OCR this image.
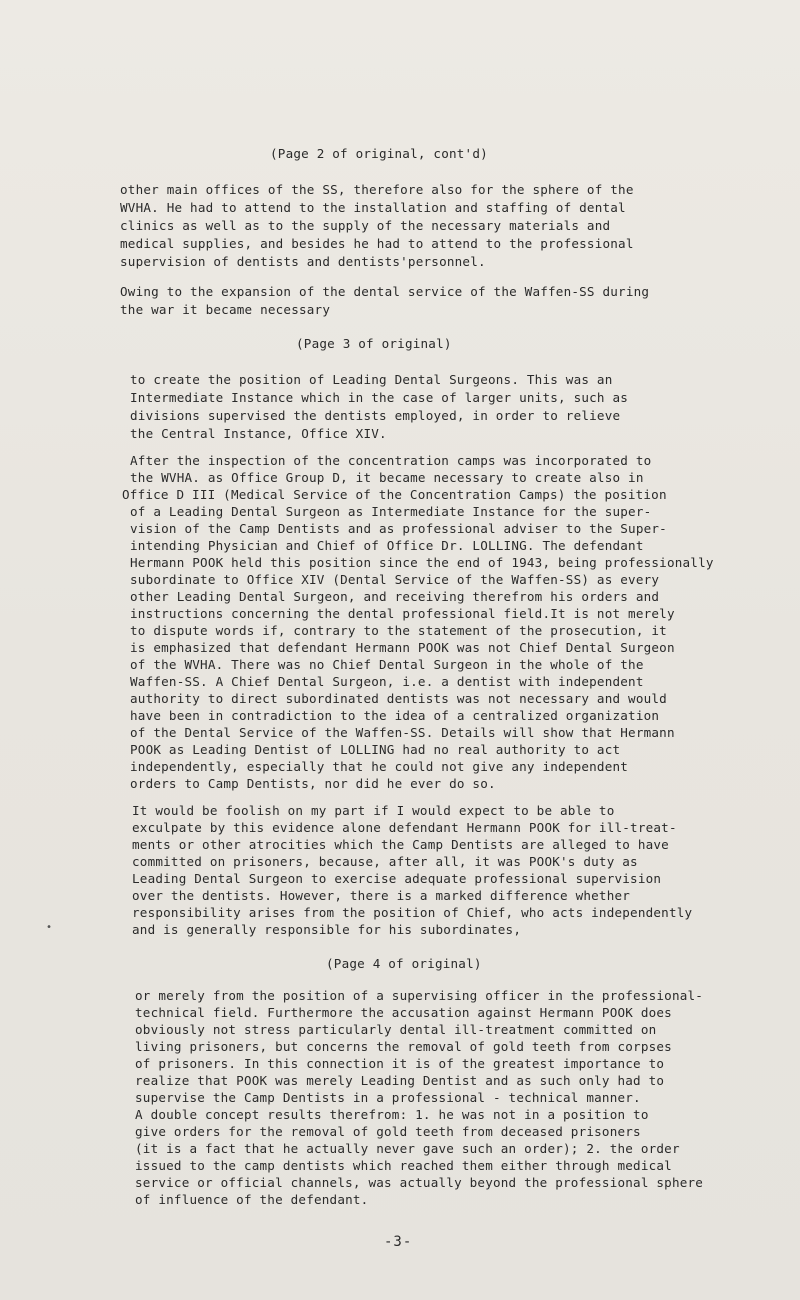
(Page 2 of original, cont'd)
other main offices of the SS, therefore also for the sphere of the
WVHA. He had to attend to the installation and staffing of dental
clinics as well as to the supply of the necessary materials and
medical supplies, and besides he had to attend to the professional
supervision of dentists and dentists'personnel.
Owing to the expansion of the dental service of the Waffen-SS during
the war it became necessary
(Page 3 of original)
to create the position of Leading Dental Surgeons. This was an
Intermediate Instance which in the case of larger units, such as
divisions supervised the dentists employed, in order to relieve
the Central Instance, Office XIV.
After the inspection of the concentration camps was incorporated to
the WVHA. as Office Group D, it became necessary to create also in
Office D III (Medical Service of the Concentration Camps) the position
of a Leading Dental Surgeon as Intermediate Instance for the super-
vision of the Camp Dentists and as professional adviser to the Super-
intending Physician and Chief of Office Dr. LOLLING. The defendant
Hermann POOK held this position since the end of 1943, being professionally
subordinate to Office XIV (Dental Service of the Waffen-SS) as every
other Leading Dental Surgeon, and receiving therefrom his orders and
instructions concerning the dental professional field.It is not merely
to dispute words if, contrary to the statement of the prosecution, it
is emphasized that defendant Hermann POOK was not Chief Dental Surgeon
of the WVHA. There was no Chief Dental Surgeon in the whole of the
Waffen-SS. A Chief Dental Surgeon, i.e. a dentist with independent
authority to direct subordinated dentists was not necessary and would
have been in contradiction to the idea of a centralized organization
of the Dental Service of the Waffen-SS. Details will show that Hermann
POOK as Leading Dentist of LOLLING had no real authority to act
independently, especially that he could not give any independent
orders to Camp Dentists, nor did he ever do so.
It would be foolish on my part if I would expect to be able to
exculpate by this evidence alone defendant Hermann POOK for ill-treat-
ments or other atrocities which the Camp Dentists are alleged to have
committed on prisoners, because, after all, it was POOK's duty as
Leading Dental Surgeon to exercise adequate professional supervision
over the dentists. However, there is a marked difference whether
responsibility arises from the position of Chief, who acts independently
and is generally responsible for his subordinates,
•
(Page 4 of original)
or merely from the position of a supervising officer in the professional-
technical field. Furthermore the accusation against Hermann POOK does
obviously not stress particularly dental ill-treatment committed on
living prisoners, but concerns the removal of gold teeth from corpses
of prisoners. In this connection it is of the greatest importance to
realize that POOK was merely Leading Dentist and as such only had to
supervise the Camp Dentists in a professional - technical manner.
A double concept results therefrom: 1. he was not in a position to
give orders for the removal of gold teeth from deceased prisoners
(it is a fact that he actually never gave such an order); 2. the order
issued to the camp dentists which reached them either through medical
service or official channels, was actually beyond the professional sphere
of influence of the defendant.
-3-
